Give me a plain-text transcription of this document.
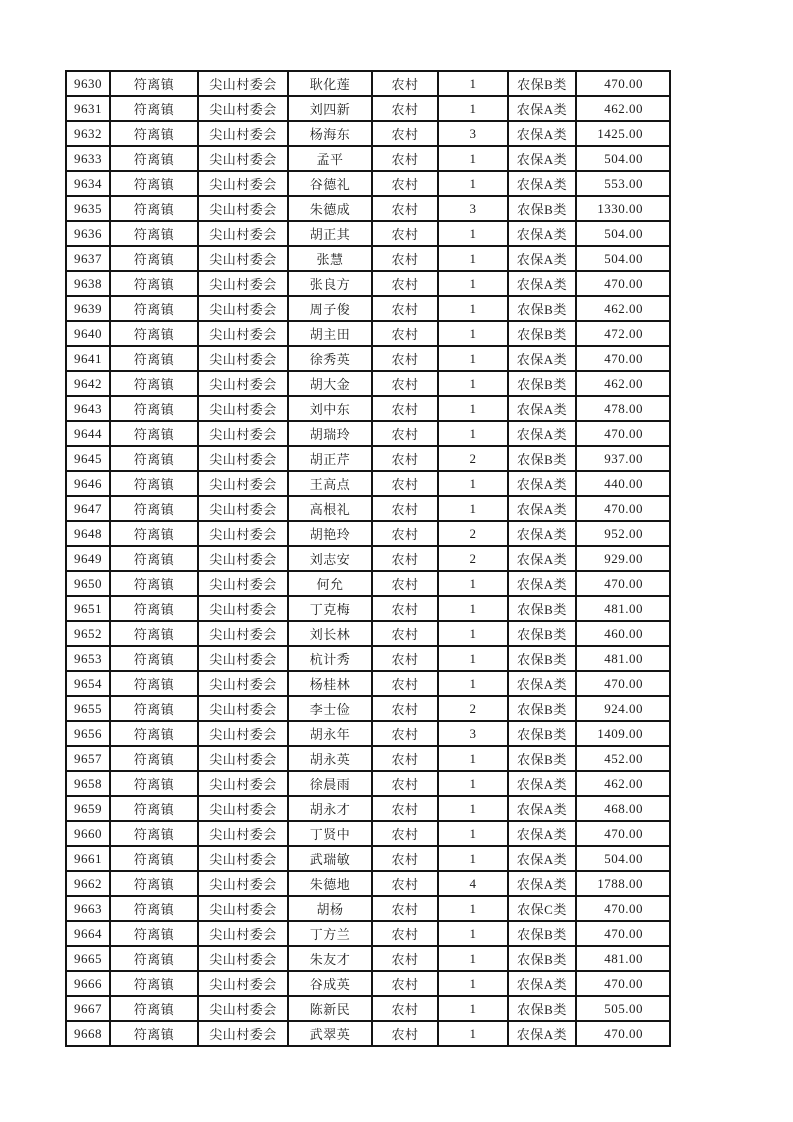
9630	符离镇	尖山村委会	耿化莲	农村	1	农保B类	470.00
9631	符离镇	尖山村委会	刘四新	农村	1	农保A类	462.00
9632	符离镇	尖山村委会	杨海东	农村	3	农保A类	1425.00
9633	符离镇	尖山村委会	孟平	农村	1	农保A类	504.00
9634	符离镇	尖山村委会	谷德礼	农村	1	农保A类	553.00
9635	符离镇	尖山村委会	朱德成	农村	3	农保B类	1330.00
9636	符离镇	尖山村委会	胡正其	农村	1	农保A类	504.00
9637	符离镇	尖山村委会	张慧	农村	1	农保A类	504.00
9638	符离镇	尖山村委会	张良方	农村	1	农保A类	470.00
9639	符离镇	尖山村委会	周子俊	农村	1	农保B类	462.00
9640	符离镇	尖山村委会	胡主田	农村	1	农保B类	472.00
9641	符离镇	尖山村委会	徐秀英	农村	1	农保A类	470.00
9642	符离镇	尖山村委会	胡大金	农村	1	农保B类	462.00
9643	符离镇	尖山村委会	刘中东	农村	1	农保A类	478.00
9644	符离镇	尖山村委会	胡瑞玲	农村	1	农保A类	470.00
9645	符离镇	尖山村委会	胡正芹	农村	2	农保B类	937.00
9646	符离镇	尖山村委会	王高点	农村	1	农保A类	440.00
9647	符离镇	尖山村委会	高根礼	农村	1	农保A类	470.00
9648	符离镇	尖山村委会	胡艳玲	农村	2	农保A类	952.00
9649	符离镇	尖山村委会	刘志安	农村	2	农保A类	929.00
9650	符离镇	尖山村委会	何允	农村	1	农保A类	470.00
9651	符离镇	尖山村委会	丁克梅	农村	1	农保B类	481.00
9652	符离镇	尖山村委会	刘长林	农村	1	农保B类	460.00
9653	符离镇	尖山村委会	杭计秀	农村	1	农保B类	481.00
9654	符离镇	尖山村委会	杨桂林	农村	1	农保A类	470.00
9655	符离镇	尖山村委会	李士俭	农村	2	农保B类	924.00
9656	符离镇	尖山村委会	胡永年	农村	3	农保B类	1409.00
9657	符离镇	尖山村委会	胡永英	农村	1	农保B类	452.00
9658	符离镇	尖山村委会	徐晨雨	农村	1	农保A类	462.00
9659	符离镇	尖山村委会	胡永才	农村	1	农保A类	468.00
9660	符离镇	尖山村委会	丁贤中	农村	1	农保A类	470.00
9661	符离镇	尖山村委会	武瑞敏	农村	1	农保A类	504.00
9662	符离镇	尖山村委会	朱德地	农村	4	农保A类	1788.00
9663	符离镇	尖山村委会	胡杨	农村	1	农保C类	470.00
9664	符离镇	尖山村委会	丁方兰	农村	1	农保B类	470.00
9665	符离镇	尖山村委会	朱友才	农村	1	农保B类	481.00
9666	符离镇	尖山村委会	谷成英	农村	1	农保A类	470.00
9667	符离镇	尖山村委会	陈新民	农村	1	农保B类	505.00
9668	符离镇	尖山村委会	武翠英	农村	1	农保A类	470.00
